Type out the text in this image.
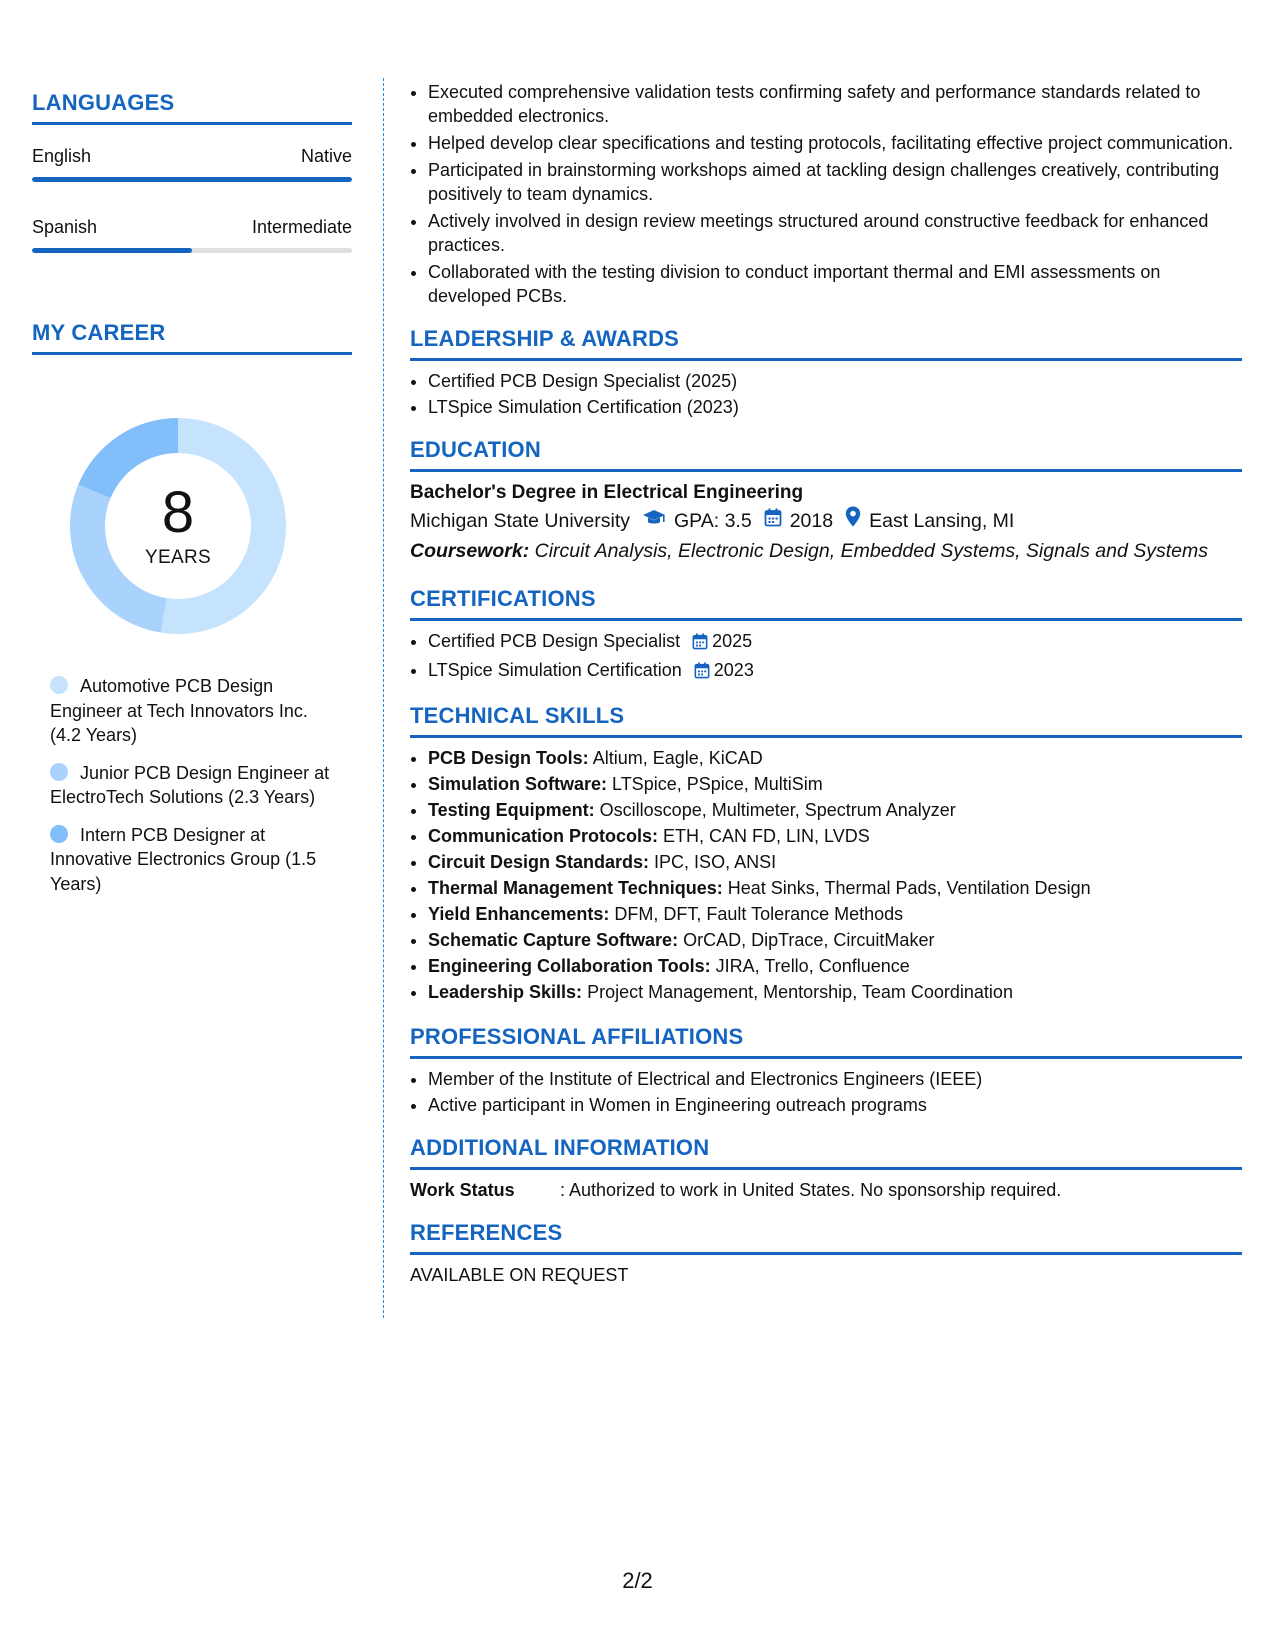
LANGUAGES
English	Native
Spanish	Intermediate
MY CAREER
8
YEARS
Automotive PCB Design Engineer at Tech Innovators Inc. (4.2 Years)
Junior PCB Design Engineer at ElectroTech Solutions (2.3 Years)
Intern PCB Designer at Innovative Electronics Group (1.5 Years)
• Executed comprehensive validation tests confirming safety and performance standards related to embedded electronics.
• Helped develop clear specifications and testing protocols, facilitating effective project communication.
• Participated in brainstorming workshops aimed at tackling design challenges creatively, contributing positively to team dynamics.
• Actively involved in design review meetings structured around constructive feedback for enhanced practices.
• Collaborated with the testing division to conduct important thermal and EMI assessments on developed PCBs.
LEADERSHIP & AWARDS
• Certified PCB Design Specialist (2025)
• LTSpice Simulation Certification (2023)
EDUCATION
Bachelor's Degree in Electrical Engineering
Michigan State University GPA: 3.5 2018 East Lansing, MI
Coursework: Circuit Analysis, Electronic Design, Embedded Systems, Signals and Systems
CERTIFICATIONS
• Certified PCB Design Specialist 2025
• LTSpice Simulation Certification 2023
TECHNICAL SKILLS
• PCB Design Tools: Altium, Eagle, KiCAD
• Simulation Software: LTSpice, PSpice, MultiSim
• Testing Equipment: Oscilloscope, Multimeter, Spectrum Analyzer
• Communication Protocols: ETH, CAN FD, LIN, LVDS
• Circuit Design Standards: IPC, ISO, ANSI
• Thermal Management Techniques: Heat Sinks, Thermal Pads, Ventilation Design
• Yield Enhancements: DFM, DFT, Fault Tolerance Methods
• Schematic Capture Software: OrCAD, DipTrace, CircuitMaker
• Engineering Collaboration Tools: JIRA, Trello, Confluence
• Leadership Skills: Project Management, Mentorship, Team Coordination
PROFESSIONAL AFFILIATIONS
• Member of the Institute of Electrical and Electronics Engineers (IEEE)
• Active participant in Women in Engineering outreach programs
ADDITIONAL INFORMATION
Work Status	: Authorized to work in United States. No sponsorship required.
REFERENCES
AVAILABLE ON REQUEST
2/2
